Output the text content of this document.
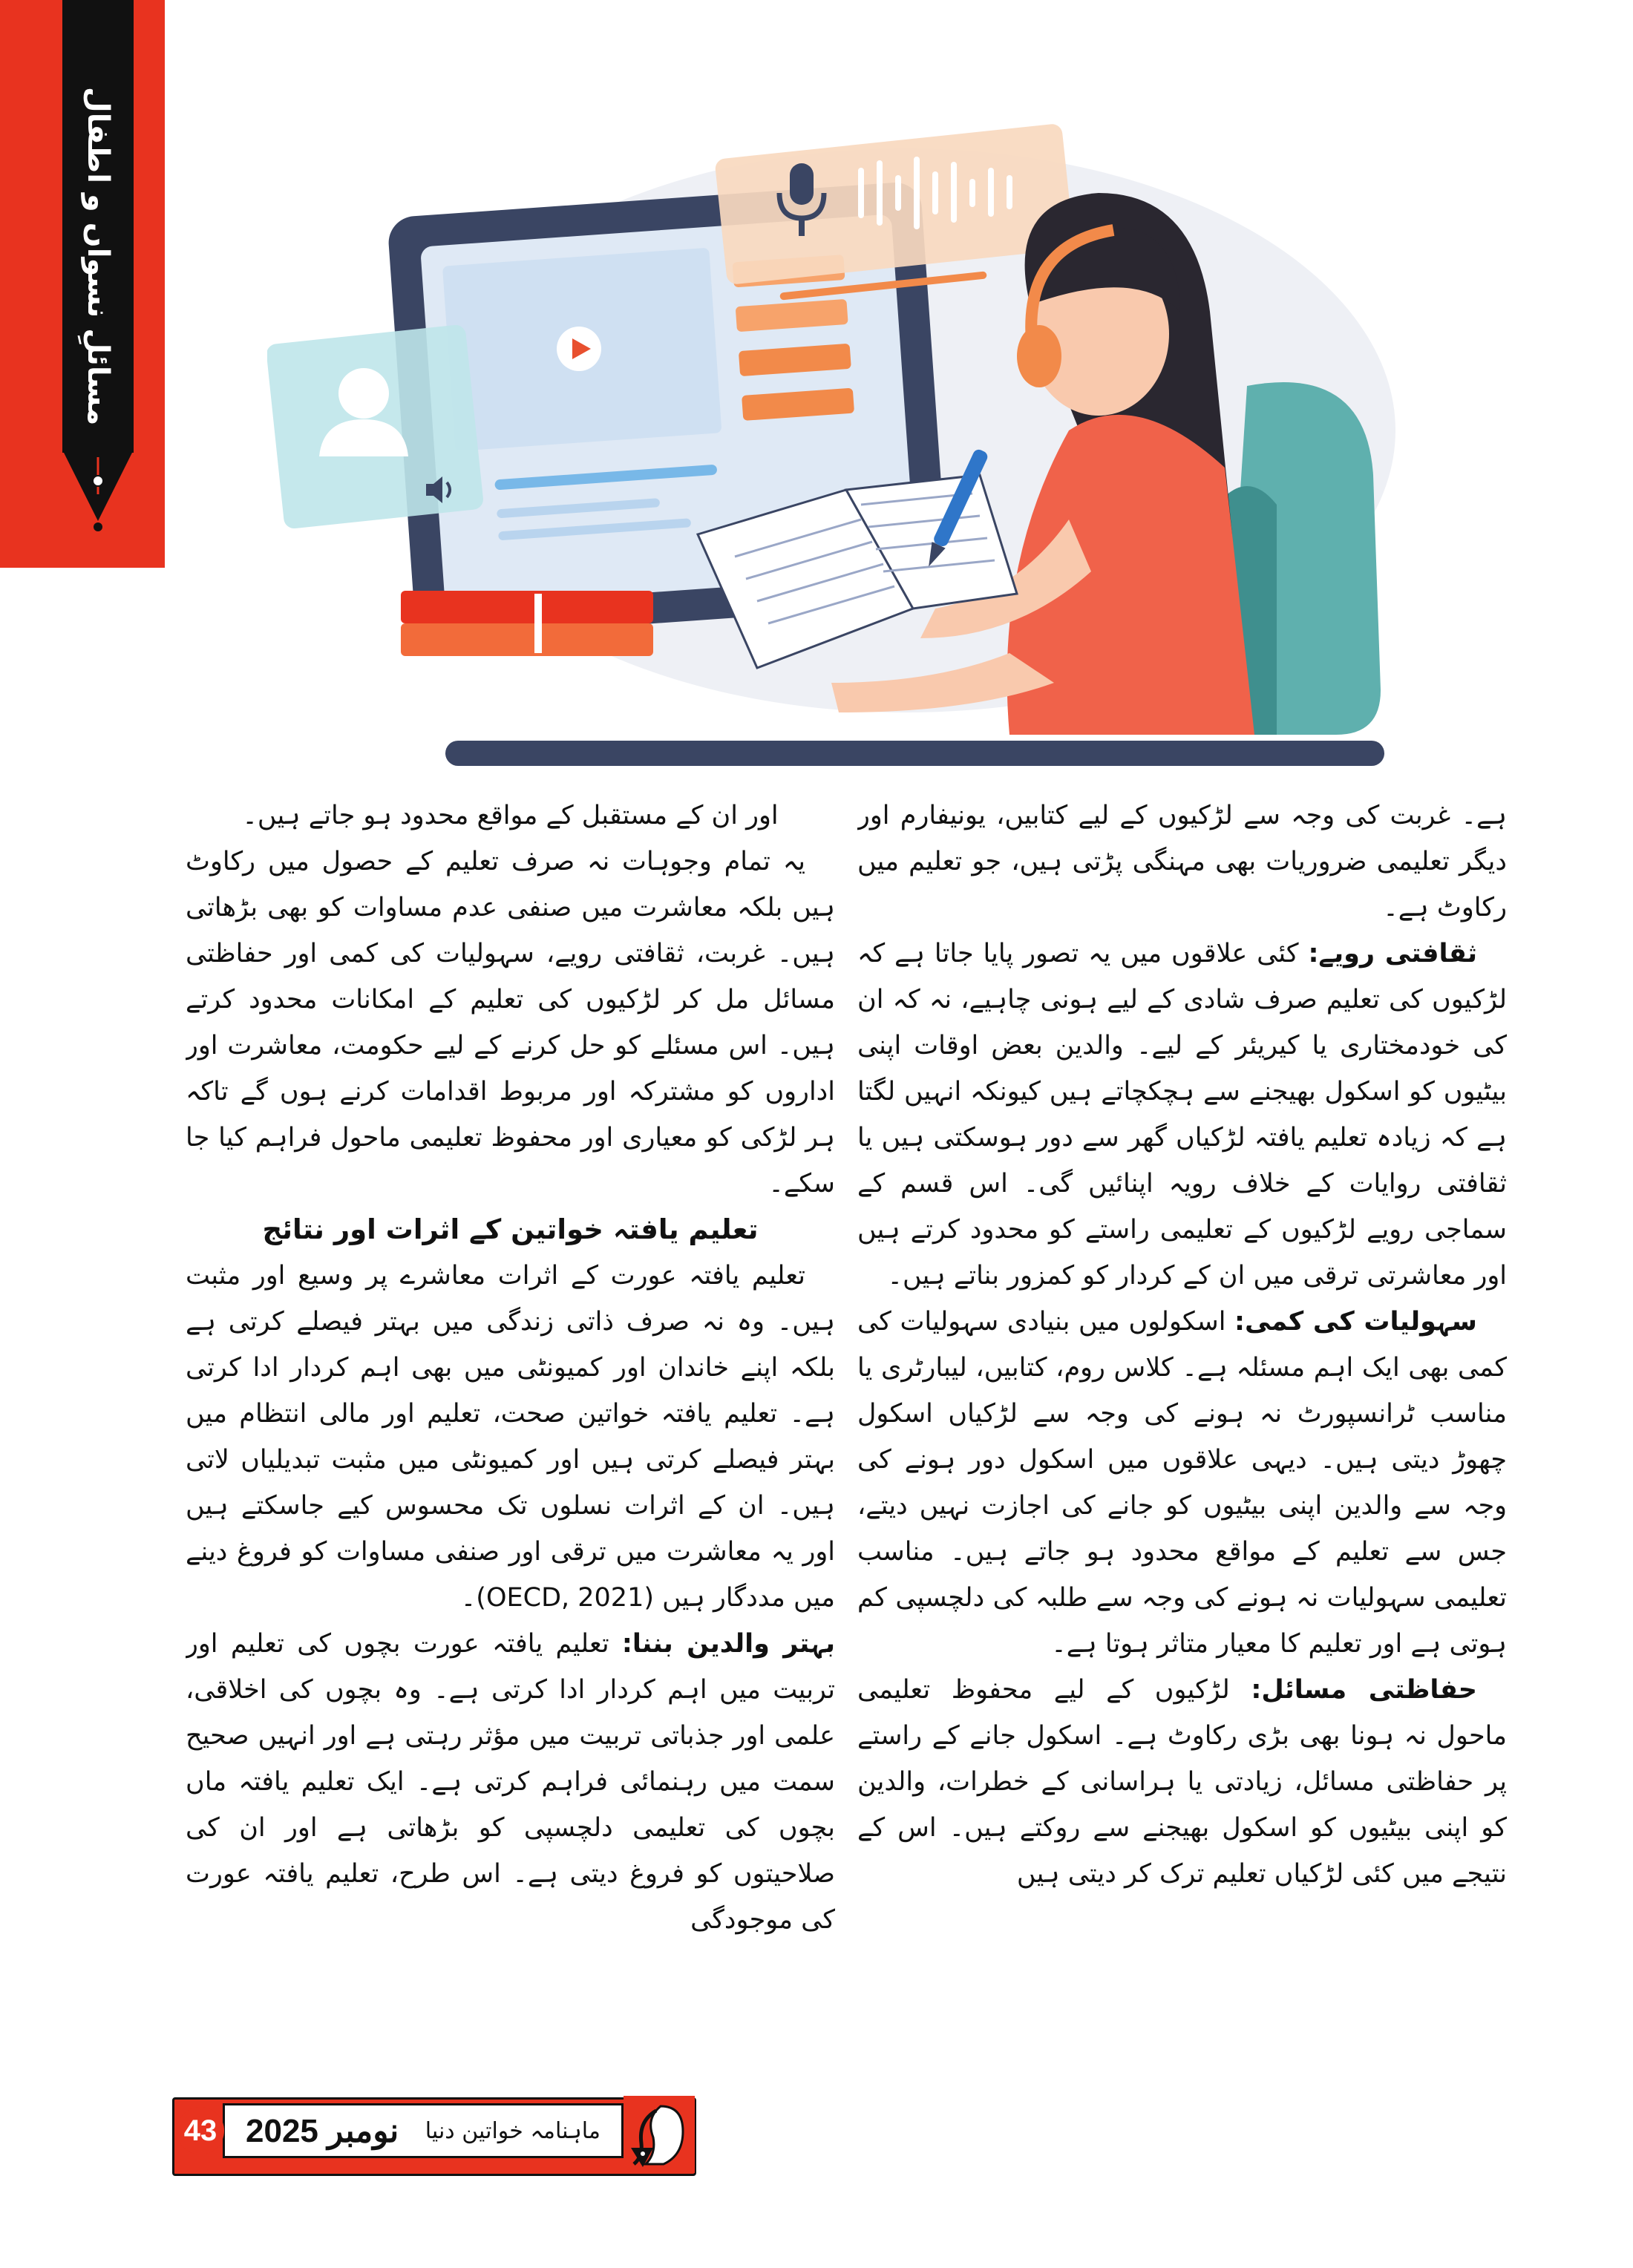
مسائلِ نسواں و اطفال

ہے۔ غربت کی وجہ سے لڑکیوں کے لیے کتابیں، یونیفارم اور دیگر تعلیمی ضروریات بھی مہنگی پڑتی ہیں، جو تعلیم میں رکاوٹ ہے۔

ثقافتی رویے: کئی علاقوں میں یہ تصور پایا جاتا ہے کہ لڑکیوں کی تعلیم صرف شادی کے لیے ہونی چاہیے، نہ کہ ان کی خودمختاری یا کیریئر کے لیے۔ والدین بعض اوقات اپنی بیٹیوں کو اسکول بھیجنے سے ہچکچاتے ہیں کیونکہ انہیں لگتا ہے کہ زیادہ تعلیم یافتہ لڑکیاں گھر سے دور ہوسکتی ہیں یا ثقافتی روایات کے خلاف رویہ اپنائیں گی۔ اس قسم کے سماجی رویے لڑکیوں کے تعلیمی راستے کو محدود کرتے ہیں اور معاشرتی ترقی میں ان کے کردار کو کمزور بناتے ہیں۔

سہولیات کی کمی: اسکولوں میں بنیادی سہولیات کی کمی بھی ایک اہم مسئلہ ہے۔ کلاس روم، کتابیں، لیبارٹری یا مناسب ٹرانسپورٹ نہ ہونے کی وجہ سے لڑکیاں اسکول چھوڑ دیتی ہیں۔ دیہی علاقوں میں اسکول دور ہونے کی وجہ سے والدین اپنی بیٹیوں کو جانے کی اجازت نہیں دیتے، جس سے تعلیم کے مواقع محدود ہو جاتے ہیں۔ مناسب تعلیمی سہولیات نہ ہونے کی وجہ سے طلبہ کی دلچسپی کم ہوتی ہے اور تعلیم کا معیار متاثر ہوتا ہے۔

حفاظتی مسائل: لڑکیوں کے لیے محفوظ تعلیمی ماحول نہ ہونا بھی بڑی رکاوٹ ہے۔ اسکول جانے کے راستے پر حفاظتی مسائل، زیادتی یا ہراسانی کے خطرات، والدین کو اپنی بیٹیوں کو اسکول بھیجنے سے روکتے ہیں۔ اس کے نتیجے میں کئی لڑکیاں تعلیم ترک کر دیتی ہیں

اور ان کے مستقبل کے مواقع محدود ہو جاتے ہیں۔

یہ تمام وجوہات نہ صرف تعلیم کے حصول میں رکاوٹ ہیں بلکہ معاشرت میں صنفی عدم مساوات کو بھی بڑھاتی ہیں۔ غربت، ثقافتی رویے، سہولیات کی کمی اور حفاظتی مسائل مل کر لڑکیوں کی تعلیم کے امکانات محدود کرتے ہیں۔ اس مسئلے کو حل کرنے کے لیے حکومت، معاشرت اور اداروں کو مشترکہ اور مربوط اقدامات کرنے ہوں گے تاکہ ہر لڑکی کو معیاری اور محفوظ تعلیمی ماحول فراہم کیا جا سکے۔

تعلیم یافتہ خواتین کے اثرات اور نتائج

تعلیم یافتہ عورت کے اثرات معاشرے پر وسیع اور مثبت ہیں۔ وہ نہ صرف ذاتی زندگی میں بہتر فیصلے کرتی ہے بلکہ اپنے خاندان اور کمیونٹی میں بھی اہم کردار ادا کرتی ہے۔ تعلیم یافتہ خواتین صحت، تعلیم اور مالی انتظام میں بہتر فیصلے کرتی ہیں اور کمیونٹی میں مثبت تبدیلیاں لاتی ہیں۔ ان کے اثرات نسلوں تک محسوس کیے جاسکتے ہیں اور یہ معاشرت میں ترقی اور صنفی مساوات کو فروغ دینے میں مددگار ہیں (OECD, 2021)۔

بہتر والدین بننا: تعلیم یافتہ عورت بچوں کی تعلیم اور تربیت میں اہم کردار ادا کرتی ہے۔ وہ بچوں کی اخلاقی، علمی اور جذباتی تربیت میں مؤثر رہتی ہے اور انہیں صحیح سمت میں رہنمائی فراہم کرتی ہے۔ ایک تعلیم یافتہ ماں بچوں کی تعلیمی دلچسپی کو بڑھاتی ہے اور ان کی صلاحیتوں کو فروغ دیتی ہے۔ اس طرح، تعلیم یافتہ عورت کی موجودگی

نومبر 2025 ماہنامہ خواتین دنیا
43
